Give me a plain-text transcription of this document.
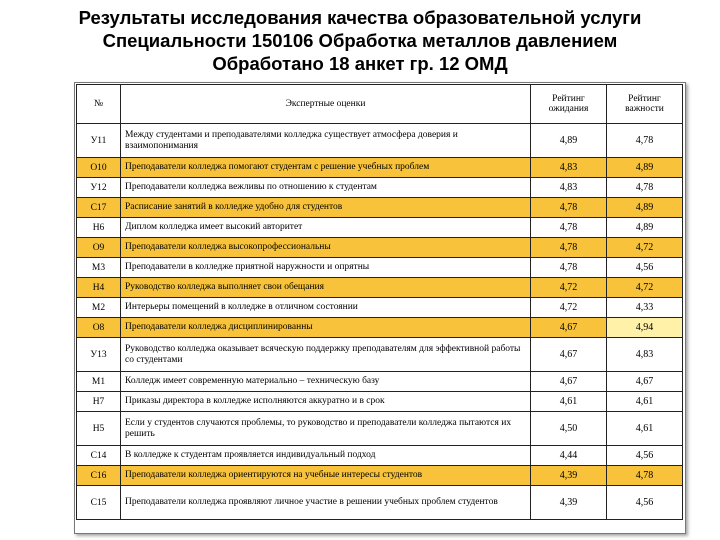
Результаты исследования качества образовательной услуги
Специальности 150106 Обработка металлов давлением
Обработано 18 анкет гр. 12 ОМД
№	Экспертные оценки	Рейтинг ожидания	Рейтинг важности
У11	Между студентами и преподавателями колледжа существует атмосфера доверия и взаимопонимания	4,89	4,78
О10	Преподаватели колледжа помогают студентам с решение учебных проблем	4,83	4,89
У12	Преподаватели колледжа вежливы по отношению к студентам	4,83	4,78
С17	Расписание занятий в колледже удобно для студентов	4,78	4,89
Н6	Диплом колледжа имеет высокий авторитет	4,78	4,89
О9	Преподаватели колледжа высокопрофессиональны	4,78	4,72
М3	Преподаватели в колледже приятной наружности и опрятны	4,78	4,56
Н4	Руководство колледжа выполняет свои обещания	4,72	4,72
М2	Интерьеры помещений в колледже в отличном состоянии	4,72	4,33
О8	Преподаватели колледжа дисциплинированны	4,67	4,94
У13	Руководство колледжа оказывает всяческую поддержку преподавателям для эффективной работы со студентами	4,67	4,83
М1	Колледж имеет современную материально – техническую базу	4,67	4,67
Н7	Приказы директора в колледже исполняются аккуратно и в срок	4,61	4,61
Н5	Если у студентов случаются проблемы, то руководство и преподаватели колледжа пытаются их решить	4,50	4,61
С14	В колледже к студентам проявляется индивидуальный подход	4,44	4,56
С16	Преподаватели колледжа ориентируются на учебные интересы студентов	4,39	4,78
С15	Преподаватели колледжа проявляют личное участие в решении учебных проблем студентов	4,39	4,56
